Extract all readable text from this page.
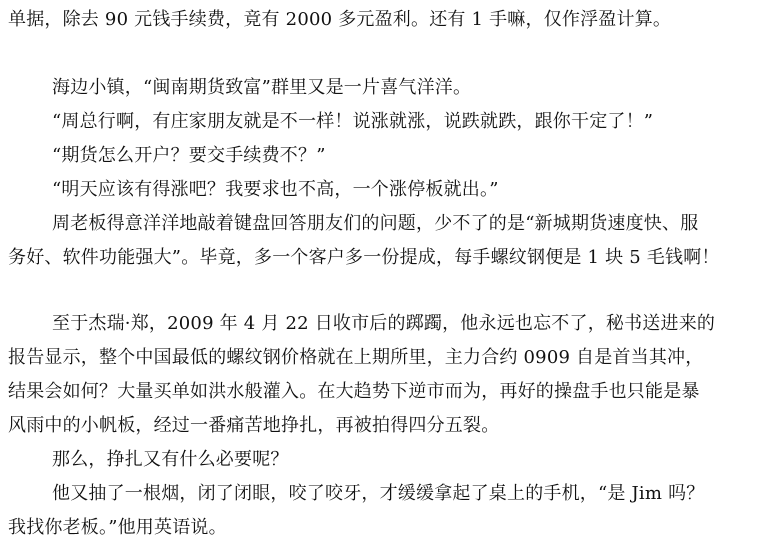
单据，除去 90 元钱手续费，竟有 2000 多元盈利。还有 1 手嘛，仅作浮盈计算。
海边小镇，“闽南期货致富”群里又是一片喜气洋洋。
“周总行啊，有庄家朋友就是不一样！说涨就涨，说跌就跌，跟你干定了！”
“期货怎么开户？要交手续费不？”
“明天应该有得涨吧？我要求也不高，一个涨停板就出。”
周老板得意洋洋地敲着键盘回答朋友们的问题，少不了的是“新城期货速度快、服
务好、软件功能强大”。毕竟，多一个客户多一份提成，每手螺纹钢便是 1 块 5 毛钱啊！
至于杰瑞·郑，2009 年 4 月 22 日收市后的踯躅，他永远也忘不了，秘书送进来的
报告显示，整个中国最低的螺纹钢价格就在上期所里，主力合约 0909 自是首当其冲，
结果会如何？大量买单如洪水般灌入。在大趋势下逆市而为，再好的操盘手也只能是暴
风雨中的小帆板，经过一番痛苦地挣扎，再被拍得四分五裂。
那么，挣扎又有什么必要呢？
他又抽了一根烟，闭了闭眼，咬了咬牙，才缓缓拿起了桌上的手机，“是 Jim 吗？
我找你老板。”他用英语说。
